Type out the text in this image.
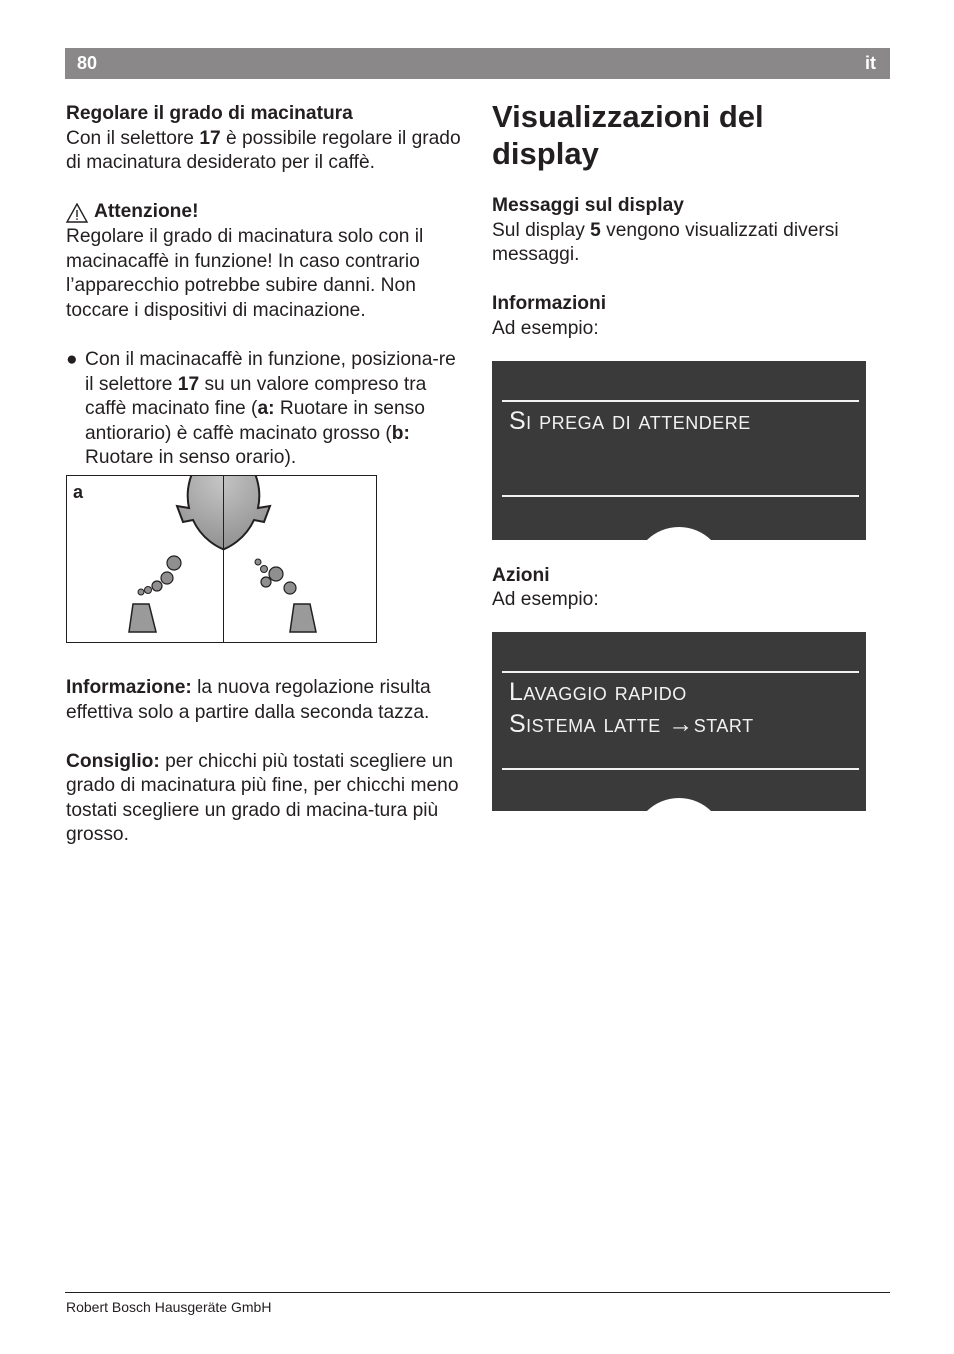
80	it
Regolare il grado di macinatura

Con il selettore 17 è possibile regolare il grado di macinatura desiderato per il caffè.

Attenzione!

Regolare il grado di macinatura solo con il macinacaffè in funzione! In caso contrario l’apparecchio potrebbe subire danni. Non toccare i dispositivi di macinazione.

● Con il macinacaffè in funzione, posiziona-re il selettore 17 su un valore compreso tra caffè macinato fine (a: Ruotare in senso antiorario) è caffè macinato grosso (b: Ruotare in senso orario).
a

Informazione: la nuova regolazione risulta effettiva solo a partire dalla seconda tazza.

Consiglio: per chicchi più tostati scegliere un grado di macinatura più fine, per chicchi meno tostati scegliere un grado di macina-tura più grosso.

Visualizzazioni del display
Messaggi sul display

Sul display 5 vengono visualizzati diversi messaggi.

Informazioni

Ad esempio:

Si prega di attendere
Azioni

Ad esempio:

Lavaggio rapido
Sistema latte →start
Robert Bosch Hausgeräte GmbH
